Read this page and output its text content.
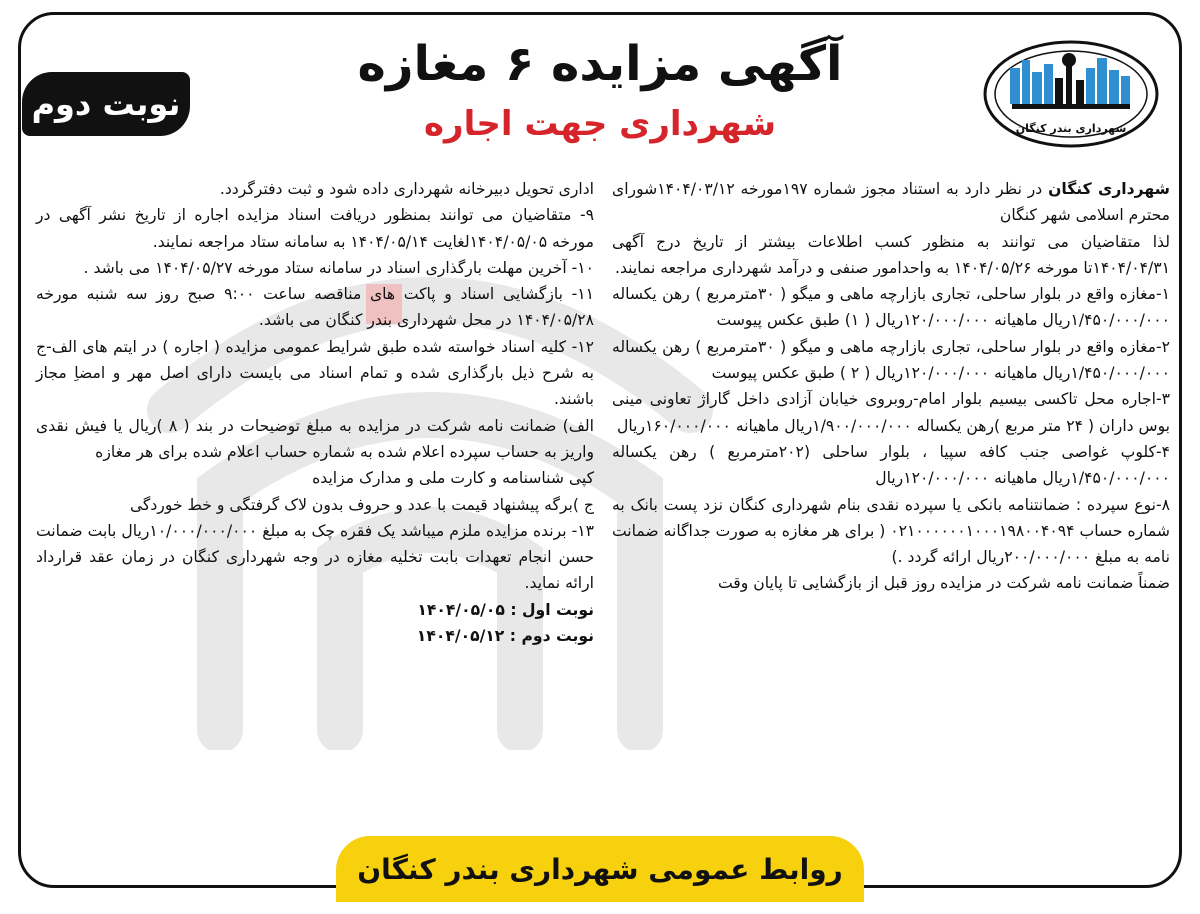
شهرداری بندر کنگان
نوبت دوم
آگهی مزایده ۶ مغازه
شهرداری جهت اجاره

شهرداری کنگان در نظر دارد به استناد مجوز شماره ۱۹۷مورخه ۱۴۰۴/۰۳/۱۲شورای محترم اسلامی شهر کنگان

لذا متقاضیان می توانند به منظور کسب اطلاعات بیشتر از تاریخ درج آگهی ۱۴۰۴/۰۴/۳۱تا مورخه ۱۴۰۴/۰۵/۲۶ به واحدامور صنفی و درآمد شهرداری مراجعه نمایند.

۱-مغازه واقع در بلوار ساحلی، تجاری بازارچه ماهی و میگو ( ۳۰مترمربع ) رهن یکساله ۱/۴۵۰/۰۰۰/۰۰۰ریال ماهیانه ۱۲۰/۰۰۰/۰۰۰ریال ( ۱) طبق عکس پیوست

۲-مغازه واقع در بلوار ساحلی، تجاری بازارچه ماهی و میگو ( ۳۰مترمربع ) رهن یکساله ۱/۴۵۰/۰۰۰/۰۰۰ریال ماهیانه ۱۲۰/۰۰۰/۰۰۰ریال ( ۲ ) طبق عکس پیوست

۳-اجاره محل تاکسی بیسیم بلوار امام-روبروی خیابان آزادی داخل گاراژ تعاونی مینی بوس داران ( ۲۴ متر مربع )رهن یکساله ۱/۹۰۰/۰۰۰/۰۰۰ریال ماهیانه ۱۶۰/۰۰۰/۰۰۰ریال

۴-کلوپ غواصی جنب کافه سپیا ، بلوار ساحلی (۲۰۲مترمربع ) رهن یکساله ۱/۴۵۰/۰۰۰/۰۰۰ریال ماهیانه ۱۲۰/۰۰۰/۰۰۰ریال

۸-نوع سپرده : ضمانتنامه بانکی یا سپرده نقدی بنام شهرداری کنگان نزد پست بانک به شماره حساب ۰۲۱۰۰۰۰۰۰۱۰۰۰۱۹۸۰۰۴۰۹۴ ( برای هر مغازه به صورت جداگانه ضمانت نامه به مبلغ ۲۰۰/۰۰۰/۰۰۰ریال ارائه گردد .)

ضمناً ضمانت نامه شرکت در مزایده روز قبل از بازگشایی تا پایان وقت

اداری تحویل دبیرخانه شهرداری داده شود و ثبت دفترگردد.

۹- متقاضیان می توانند بمنظور دریافت اسناد مزایده اجاره از تاریخ نشر آگهی در مورخه ۱۴۰۴/۰۵/۰۵لغایت ۱۴۰۴/۰۵/۱۴ به سامانه ستاد مراجعه نمایند.

۱۰- آخرین مهلت بارگذاری اسناد در سامانه ستاد مورخه ۱۴۰۴/۰۵/۲۷ می باشد .

۱۱- بازگشایی اسناد و پاکت های مناقصه ساعت ۹:۰۰ صبح روز سه شنبه مورخه ۱۴۰۴/۰۵/۲۸ در محل شهرداری بندر کنگان می باشد.

۱۲- کلیه اسناد خواسته شده طبق شرایط عمومی مزایده ( اجاره ) در ایتم های الف-ج به شرح ذیل بارگذاری شده و تمام اسناد می بایست دارای اصل مهر و امضاِ مجاز باشند.

الف) ضمانت نامه شرکت در مزایده به مبلغ توضیحات در بند ( ۸ )ریال یا فیش نقدی واریز به حساب سپرده اعلام شده به شماره حساب اعلام شده برای هر مغازه

کپی شناسنامه و کارت ملی و مدارک مزایده

ج )برگه پیشنهاد قیمت با عدد و حروف بدون لاک گرفتگی و خط خوردگی

۱۳- برنده مزایده ملزم میباشد یک فقره چک به مبلغ ۱۰/۰۰۰/۰۰۰/۰۰۰ریال بابت ضمانت حسن انجام تعهدات بابت تخلیه مغازه در وجه شهرداری کنگان در زمان عقد قرارداد ارائه نماید.

نوبت اول : ۱۴۰۴/۰۵/۰۵

نوبت دوم : ۱۴۰۴/۰۵/۱۲

روابط عمومی شهرداری بندر کنگان
